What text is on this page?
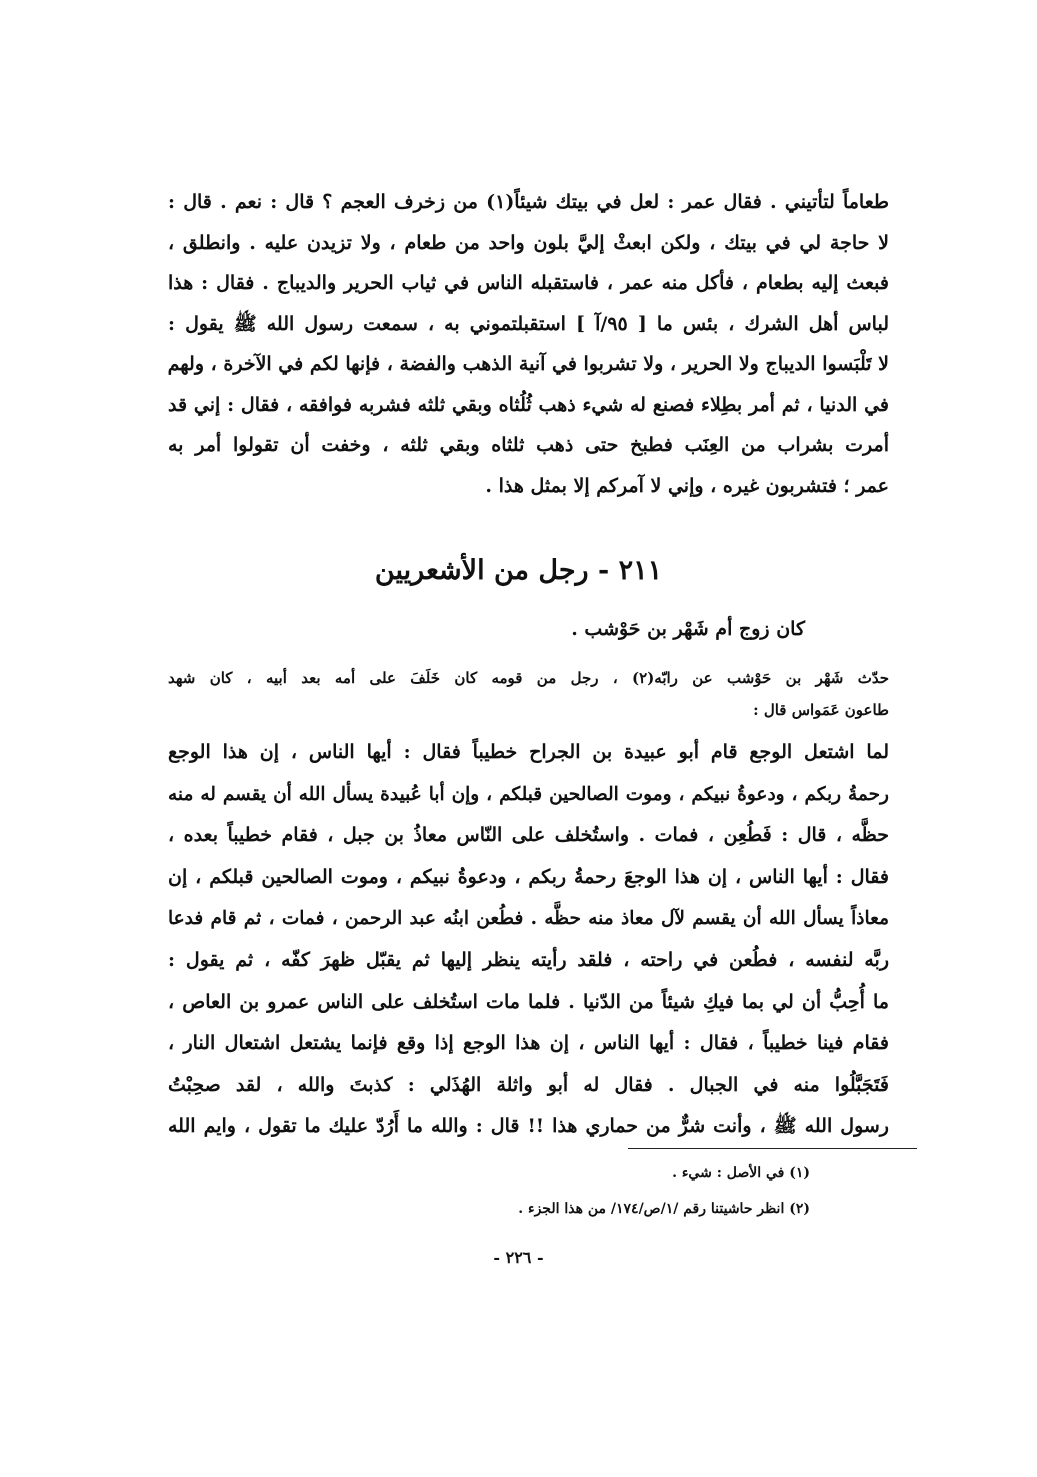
طعاماً لتأتيني . فقال عمر : لعل في بيتك شيئاً(١) من زخرف العجم ؟ قال : نعم . قال :
لا حاجة لي في بيتك ، ولكن ابعثْ إليَّ بلون واحد من طعام ، ولا تزيدن عليه . وانطلق ،
فبعث إليه بطعام ، فأكل منه عمر ، فاستقبله الناس في ثياب الحرير والديباج . فقال : هذا
لباس أهل الشرك ، بئس ما [ ٩٥/آ ] استقبلتموني به ، سمعت رسول الله ﷺ يقول :
لا تَلْبَسوا الديباج ولا الحرير ، ولا تشربوا في آنية الذهب والفضة ، فإنها لكم في الآخرة ، ولهم
في الدنيا ، ثم أمر بطِلاء فصنع له شيء ذهب ثُلُثاه وبقي ثلثه فشربه فوافقه ، فقال : إني قد
أمرت بشراب من العِنَب فطبخ حتى ذهب ثلثاه وبقي ثلثه ، وخفت أن تقولوا أمر به
عمر ؛ فتشربون غيره ، وإني لا آمركم إلا بمثل هذا .
٢١١ - رجل من الأشعريين
كان زوج أم شَهْر بن حَوْشب .
حدّث شَهْر بن حَوْشب عن رابّه(٢) ، رجل من قومه كان خَلَفَ على أمه بعد أبيه ، كان شهد
طاعون عَمَواس قال :
لما اشتعل الوجع قام أبو عبيدة بن الجراح خطيباً فقال : أيها الناس ، إن هذا الوجع
رحمةُ ربكم ، ودعوةُ نبيكم ، وموت الصالحين قبلكم ، وإن أبا عُبيدة يسأل الله أن يقسم له منه
حظَّه ، قال : فَطُعِن ، فمات . واستُخلف على النّاس معاذُ بن جبل ، فقام خطيباً بعده ،
فقال : أيها الناس ، إن هذا الوجعَ رحمةُ ربكم ، ودعوةُ نبيكم ، وموت الصالحين قبلكم ، إن
معاذاً يسأل الله أن يقسم لآل معاذ منه حظَّه . فطُعن ابنُه عبد الرحمن ، فمات ، ثم قام فدعا
ربَّه لنفسه ، فطُعن في راحته ، فلقد رأيته ينظر إليها ثم يقبّل ظهرَ كفّه ، ثم يقول :
ما أُحِبُّ أن لي بما فيكِ شيئاً من الدّنيا . فلما مات استُخلف على الناس عمرو بن العاص ،
فقام فينا خطيباً ، فقال : أيها الناس ، إن هذا الوجع إذا وقع فإنما يشتعل اشتعال النار ،
فَتَجَبَّلُوا منه في الجبال . فقال له أبو واثلة الهُذَلي : كذبتَ والله ، لقد صحِبْتُ
رسول الله ﷺ ، وأنت شرٌّ من حماري هذا !! قال : والله ما أَرُدّ عليك ما تقول ، وايم الله
(١) في الأصل : شيء .
(٢) انظر حاشيتنا رقم /١/ص/١٧٤/ من هذا الجزء .
- ٢٢٦ -
